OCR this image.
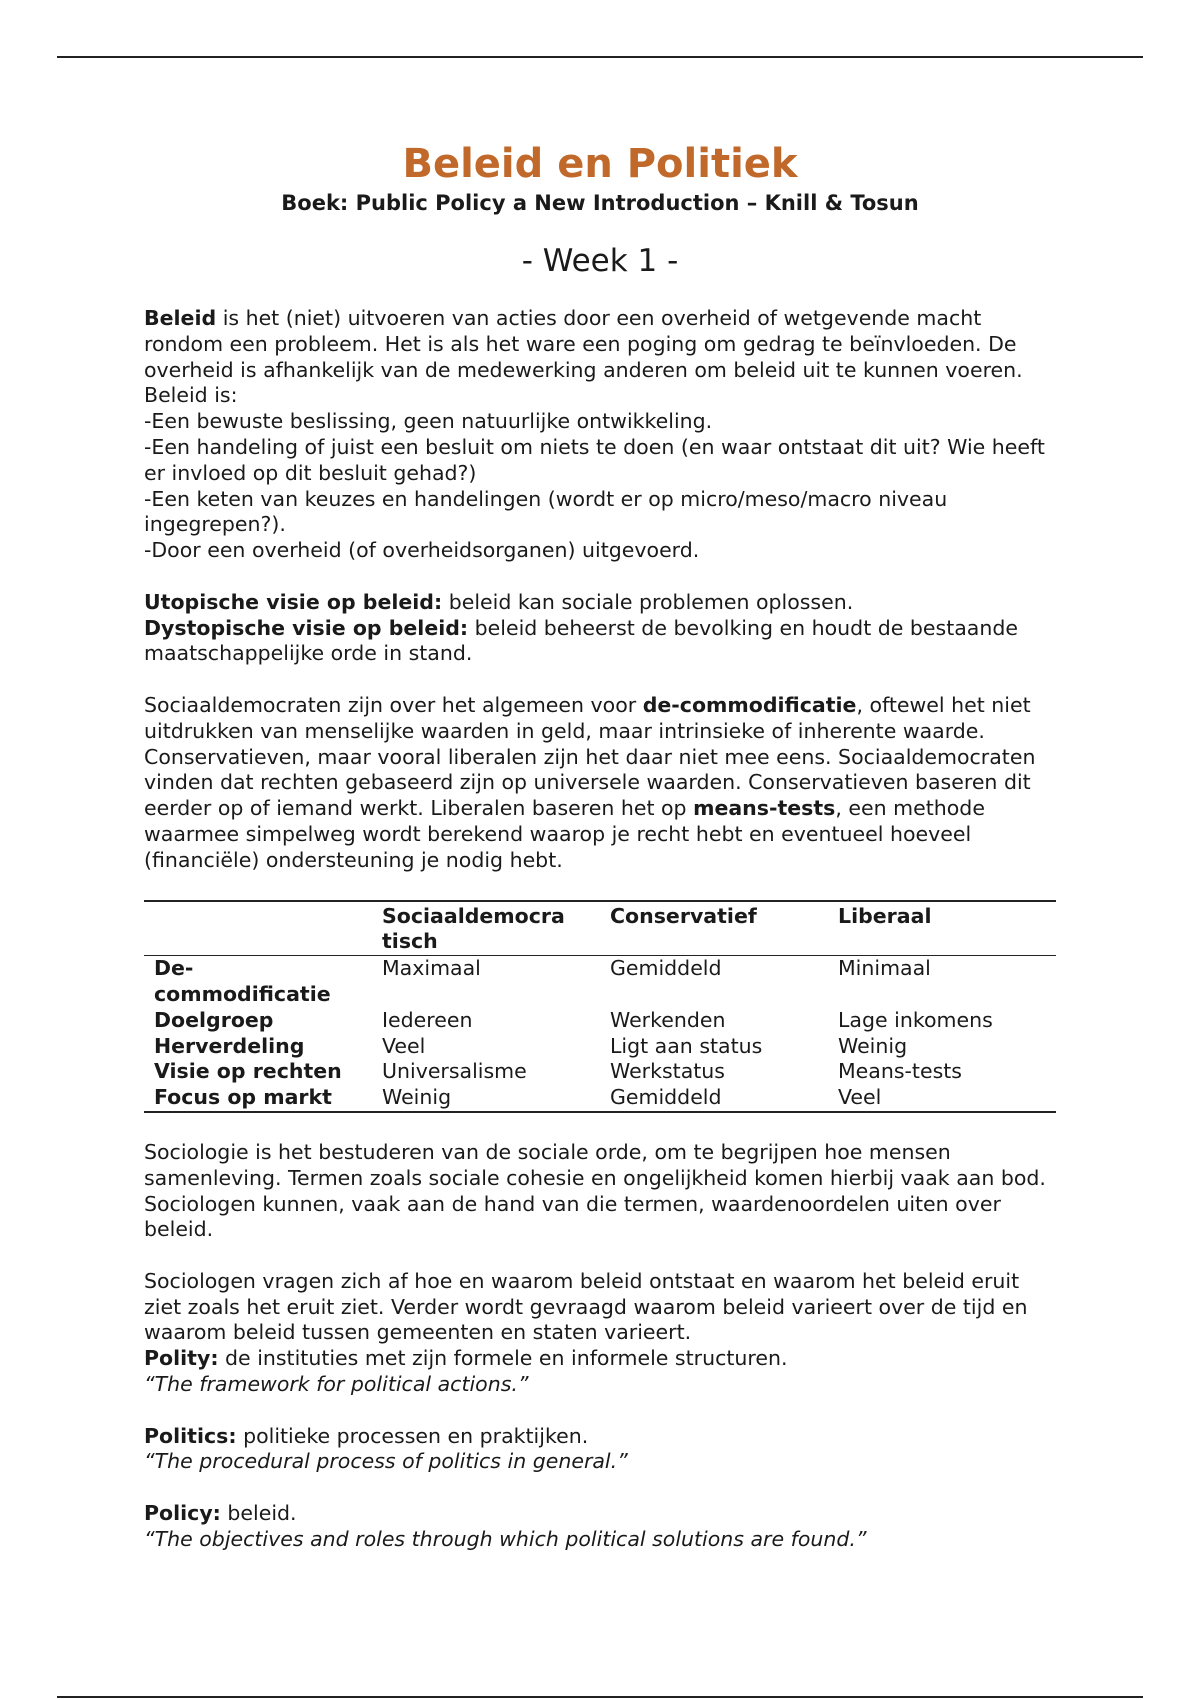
Beleid en Politiek
Boek: Public Policy a New Introduction – Knill & Tosun
- Week 1 -

Beleid is het (niet) uitvoeren van acties door een overheid of wetgevende macht rondom een probleem. Het is als het ware een poging om gedrag te beïnvloeden. De overheid is afhankelijk van de medewerking anderen om beleid uit te kunnen voeren. Beleid is:

-Een bewuste beslissing, geen natuurlijke ontwikkeling.

-Een handeling of juist een besluit om niets te doen (en waar ontstaat dit uit? Wie heeft er invloed op dit besluit gehad?)

-Een keten van keuzes en handelingen (wordt er op micro/meso/macro niveau ingegrepen?).

-Door een overheid (of overheidsorganen) uitgevoerd.

Utopische visie op beleid: beleid kan sociale problemen oplossen.

Dystopische visie op beleid: beleid beheerst de bevolking en houdt de bestaande maatschappelijke orde in stand.

Sociaaldemocraten zijn over het algemeen voor de-commodificatie, oftewel het niet uitdrukken van menselijke waarden in geld, maar intrinsieke of inherente waarde. Conservatieven, maar vooral liberalen zijn het daar niet mee eens. Sociaaldemocraten vinden dat rechten gebaseerd zijn op universele waarden. Conservatieven baseren dit eerder op of iemand werkt. Liberalen baseren het op means-tests, een methode waarmee simpelweg wordt berekend waarop je recht hebt en eventueel hoeveel (financiële) ondersteuning je nodig hebt.

	Sociaaldemocra tisch	Conservatief	Liberaal
De-commodificatie	Maximaal	Gemiddeld	Minimaal
Doelgroep	Iedereen	Werkenden	Lage inkomens
Herverdeling	Veel	Ligt aan status	Weinig
Visie op rechten	Universalisme	Werkstatus	Means-tests
Focus op markt	Weinig	Gemiddeld	Veel

Sociologie is het bestuderen van de sociale orde, om te begrijpen hoe mensen samenleving. Termen zoals sociale cohesie en ongelijkheid komen hierbij vaak aan bod. Sociologen kunnen, vaak aan de hand van die termen, waardenoordelen uiten over beleid.

Sociologen vragen zich af hoe en waarom beleid ontstaat en waarom het beleid eruit ziet zoals het eruit ziet. Verder wordt gevraagd waarom beleid varieert over de tijd en waarom beleid tussen gemeenten en staten varieert.

Polity: de instituties met zijn formele en informele structuren.

“The framework for political actions.”

Politics: politieke processen en praktijken.

“The procedural process of politics in general.”

Policy: beleid.

“The objectives and roles through which political solutions are found.”
